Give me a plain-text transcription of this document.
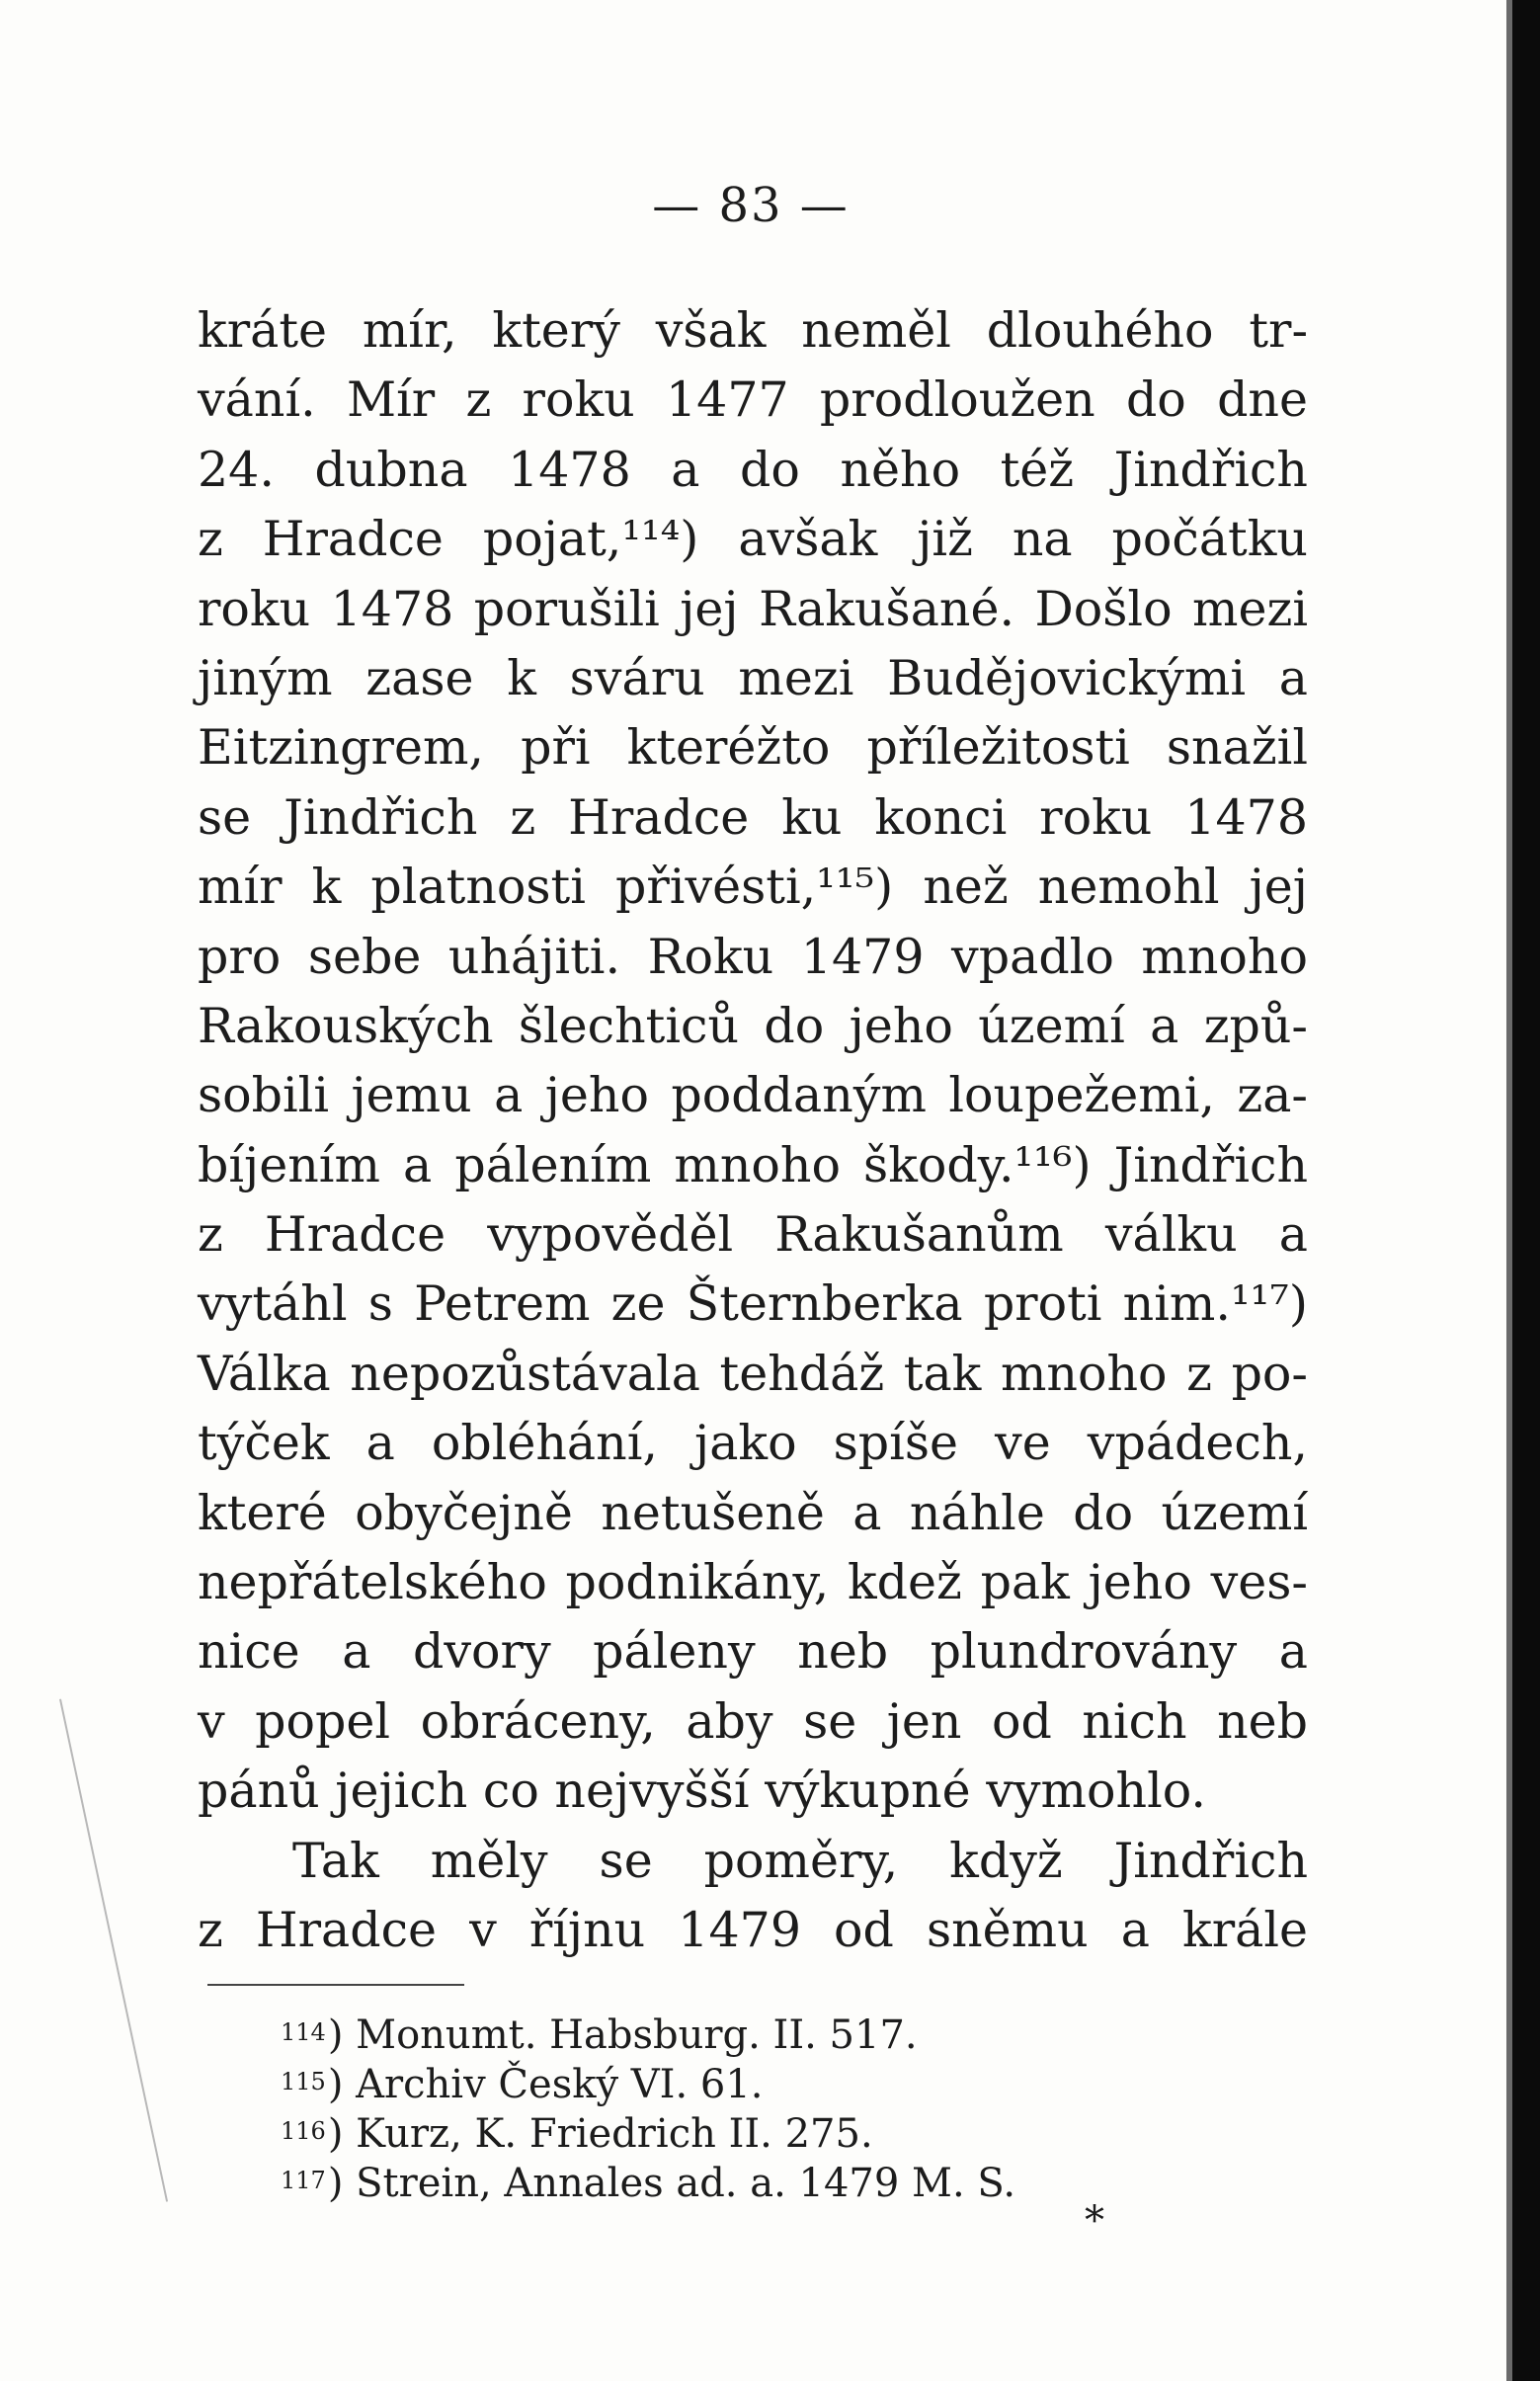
— 83 —
kráte mír, který však neměl dlouhého tr-
vání. Mír z roku 1477 prodloužen do dne
24. dubna 1478 a do něho též Jindřich
z Hradce pojat,¹¹⁴) avšak již na počátku
roku 1478 porušili jej Rakušané. Došlo mezi
jiným zase k sváru mezi Budějovickými a
Eitzingrem, při kteréžto příležitosti snažil
se Jindřich z Hradce ku konci roku 1478
mír k platnosti přivésti,¹¹⁵) než nemohl jej
pro sebe uhájiti. Roku 1479 vpadlo mnoho
Rakouských šlechticů do jeho území a způ-
sobili jemu a jeho poddaným loupežemi, za-
bíjením a pálením mnoho škody.¹¹⁶) Jindřich
z Hradce vypověděl Rakušanům válku a
vytáhl s Petrem ze Šternberka proti nim.¹¹⁷)
Válka nepozůstávala tehdáž tak mnoho z po-
týček a obléhání, jako spíše ve vpádech,
které obyčejně netušeně a náhle do území
nepřátelského podnikány, kdež pak jeho ves-
nice a dvory páleny neb plundrovány a
v popel obráceny, aby se jen od nich neb
pánů jejich co nejvyšší výkupné vymohlo.
Tak měly se poměry, když Jindřich
z Hradce v říjnu 1479 od sněmu a krále
$^{114}$) Monumt. Habsburg. II. 517.
$^{115}$) Archiv Český VI. 61.
$^{116}$) Kurz, K. Friedrich II. 275.
$^{117}$) Strein, Annales ad. a. 1479 M. S.
*
